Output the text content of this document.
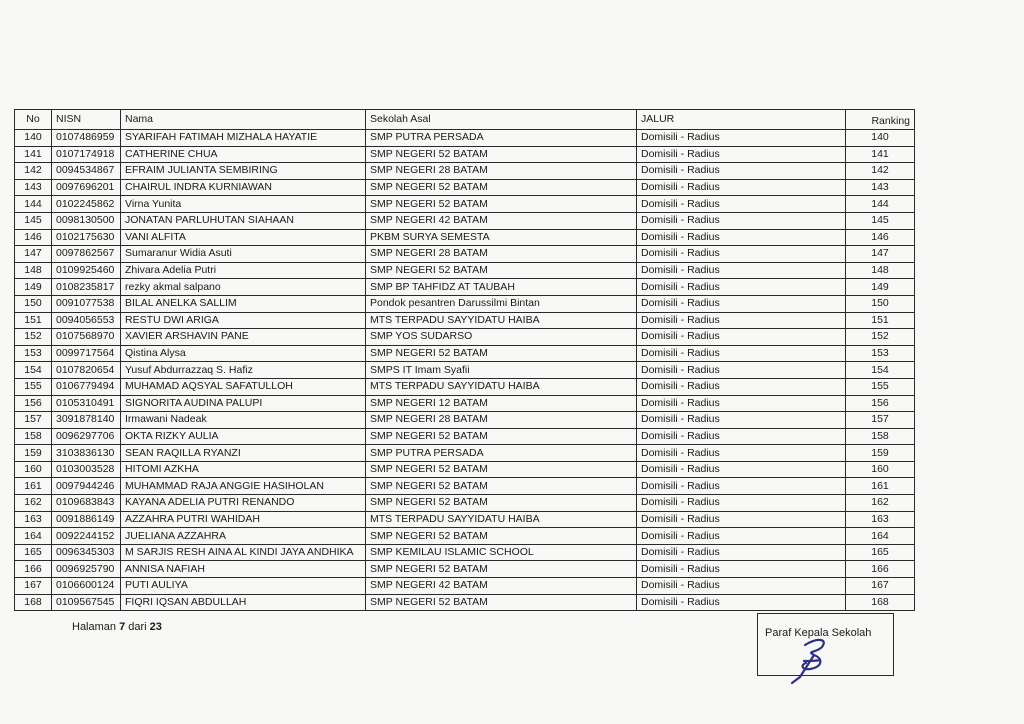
No	NISN	Nama	Sekolah Asal	JALUR	Ranking
140	0107486959	SYARIFAH FATIMAH MIZHALA HAYATIE	SMP PUTRA PERSADA	Domisili - Radius	140
141	0107174918	CATHERINE CHUA	SMP NEGERI 52 BATAM	Domisili - Radius	141
142	0094534867	EFRAIM JULIANTA SEMBIRING	SMP NEGERI 28 BATAM	Domisili - Radius	142
143	0097696201	CHAIRUL INDRA KURNIAWAN	SMP NEGERI 52 BATAM	Domisili - Radius	143
144	0102245862	Virna Yunita	SMP NEGERI 52 BATAM	Domisili - Radius	144
145	0098130500	JONATAN PARLUHUTAN SIAHAAN	SMP NEGERI 42 BATAM	Domisili - Radius	145
146	0102175630	VANI ALFITA	PKBM SURYA SEMESTA	Domisili - Radius	146
147	0097862567	Sumaranur Widia Asuti	SMP NEGERI 28 BATAM	Domisili - Radius	147
148	0109925460	Zhivara Adelia Putri	SMP NEGERI 52 BATAM	Domisili - Radius	148
149	0108235817	rezky akmal salpano	SMP BP TAHFIDZ AT TAUBAH	Domisili - Radius	149
150	0091077538	BILAL ANELKA SALLIM	Pondok pesantren Darussilmi Bintan	Domisili - Radius	150
151	0094056553	RESTU DWI ARIGA	MTS TERPADU SAYYIDATU HAIBA	Domisili - Radius	151
152	0107568970	XAVIER ARSHAVIN PANE	SMP YOS SUDARSO	Domisili - Radius	152
153	0099717564	Qistina Alysa	SMP NEGERI 52 BATAM	Domisili - Radius	153
154	0107820654	Yusuf Abdurrazzaq S. Hafiz	SMPS IT Imam Syafii	Domisili - Radius	154
155	0106779494	MUHAMAD AQSYAL SAFATULLOH	MTS TERPADU SAYYIDATU HAIBA	Domisili - Radius	155
156	0105310491	SIGNORITA AUDINA PALUPI	SMP NEGERI 12 BATAM	Domisili - Radius	156
157	3091878140	Irmawani Nadeak	SMP NEGERI 28 BATAM	Domisili - Radius	157
158	0096297706	OKTA RIZKY AULIA	SMP NEGERI 52 BATAM	Domisili - Radius	158
159	3103836130	SEAN RAQILLA RYANZI	SMP PUTRA PERSADA	Domisili - Radius	159
160	0103003528	HITOMI AZKHA	SMP NEGERI 52 BATAM	Domisili - Radius	160
161	0097944246	MUHAMMAD RAJA ANGGIE HASIHOLAN	SMP NEGERI 52 BATAM	Domisili - Radius	161
162	0109683843	KAYANA ADELIA PUTRI RENANDO	SMP NEGERI 52 BATAM	Domisili - Radius	162
163	0091886149	AZZAHRA PUTRI WAHIDAH	MTS TERPADU SAYYIDATU HAIBA	Domisili - Radius	163
164	0092244152	JUELIANA AZZAHRA	SMP NEGERI 52 BATAM	Domisili - Radius	164
165	0096345303	M SARJIS RESH AINA AL KINDI JAYA ANDHIKA	SMP KEMILAU ISLAMIC SCHOOL	Domisili - Radius	165
166	0096925790	ANNISA NAFIAH	SMP NEGERI 52 BATAM	Domisili - Radius	166
167	0106600124	PUTI AULIYA	SMP NEGERI 42 BATAM	Domisili - Radius	167
168	0109567545	FIQRI IQSAN ABDULLAH	SMP NEGERI 52 BATAM	Domisili - Radius	168
Halaman 7 dari 23	Paraf Kepala Sekolah
